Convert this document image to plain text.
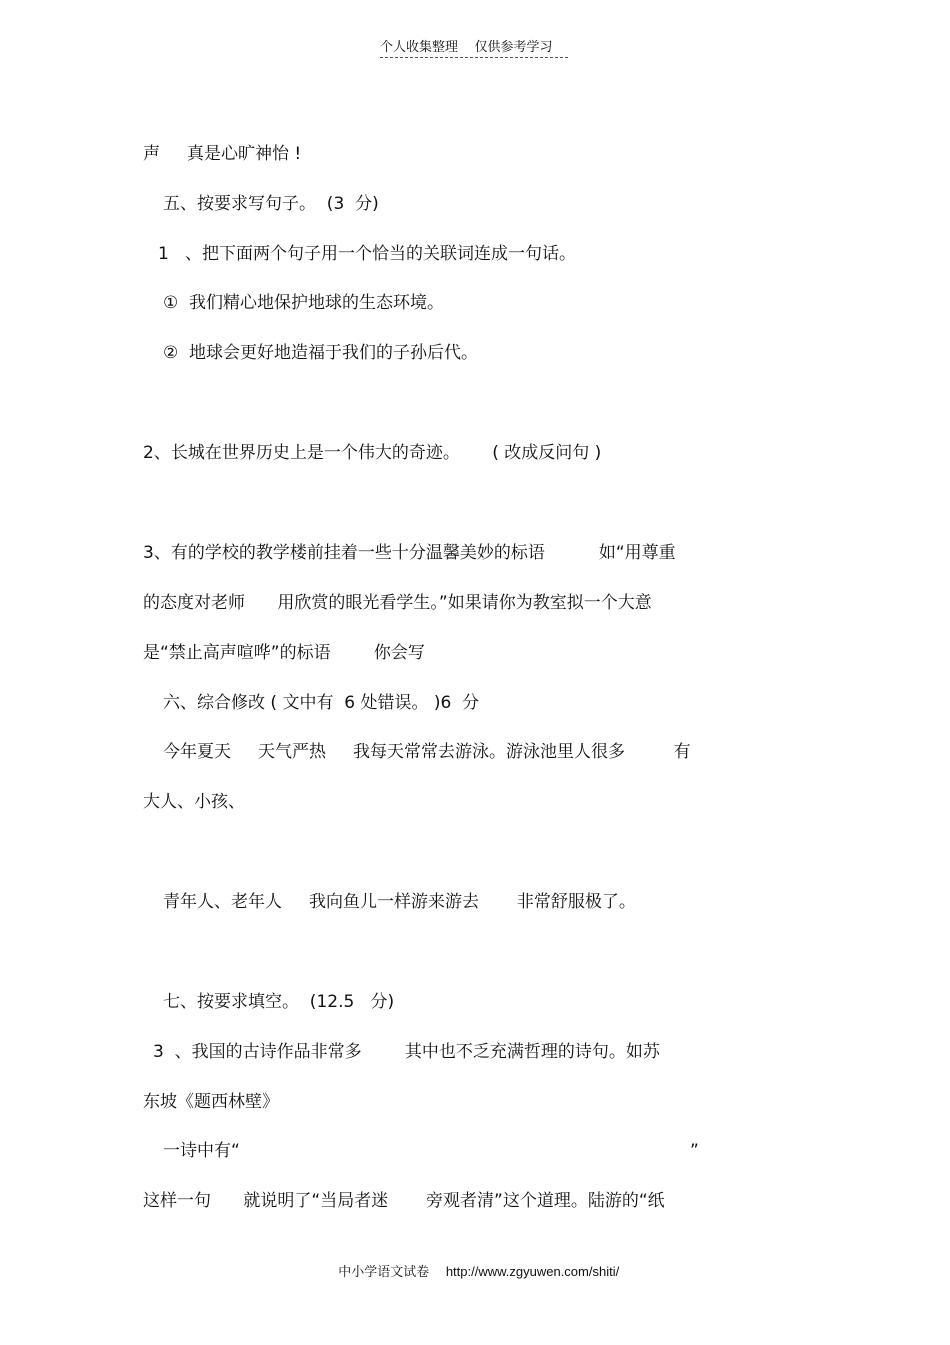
个人收集整理    仅供参考学习
声     真是心旷神怡 !
五、按要求写句子。  (3  分)
1   、把下面两个句子用一个恰当的关联词连成一句话。
①  我们精心地保护地球的生态环境。
②  地球会更好地造福于我们的子孙后代。
2、长城在世界历史上是一个伟大的奇迹。      ( 改成反问句 )
3、有的学校的教学楼前挂着一些十分温馨美妙的标语          如“用尊重
的态度对老师      用欣赏的眼光看学生。”如果请你为教室拟一个大意
是“禁止高声喧哗”的标语        你会写
六、综合修改 ( 文中有  6 处错误。 )6  分
今年夏天     天气严热     我每天常常去游泳。游泳池里人很多         有
大人、小孩、
青年人、老年人     我向鱼儿一样游来游去       非常舒服极了。
七、按要求填空。  (12.5   分)
3  、我国的古诗作品非常多        其中也不乏充满哲理的诗句。如苏
东坡《题西林壁》
一诗中有“	”
这样一句      就说明了“当局者迷       旁观者清”这个道理。陆游的“纸

中小学语文试卷 http://www.zgyuwen.com/shiti/
